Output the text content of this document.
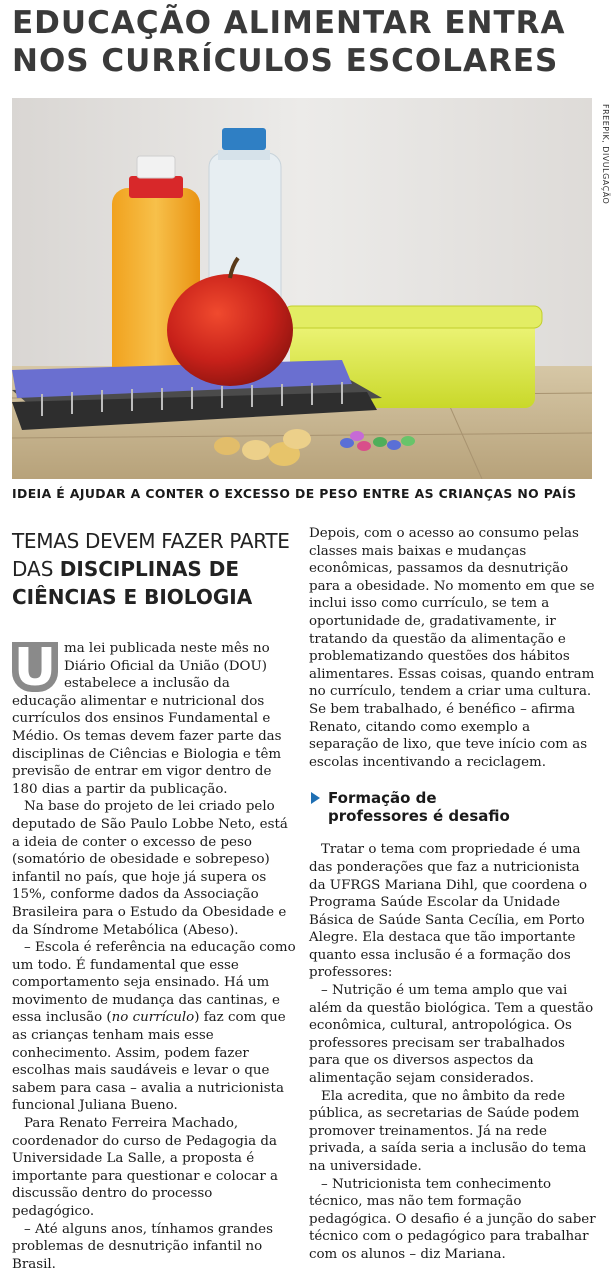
EDUCAÇÃO ALIMENTAR ENTRA NOS CURRÍCULOS ESCOLARES
FREEPIK, DIVULGAÇÃO
IDEIA É AJUDAR A CONTER O EXCESSO DE PESO ENTRE AS CRIANÇAS NO PAÍS
TEMAS DEVEM FAZER PARTE
DAS DISCIPLINAS DE
CIÊNCIAS E BIOLOGIA

U ma lei publicada neste mês no Diário Oficial da União (DOU) estabelece a inclusão da educação alimentar e nutricional dos currículos dos ensinos Fundamental e Médio. Os temas devem fazer parte das disciplinas de Ciências e Biologia e têm previsão de entrar em vigor dentro de 180 dias a partir da publicação.

Na base do projeto de lei criado pelo deputado de São Paulo Lobbe Neto, está a ideia de conter o excesso de peso (somatório de obesidade e sobrepeso) infantil no país, que hoje já supera os 15%, conforme dados da Associação Brasileira para o Estudo da Obesidade e da Síndrome Metabólica (Abeso).

– Escola é referência na educação como um todo. É fundamental que esse comportamento seja ensinado. Há um movimento de mudança das cantinas, e essa inclusão (no currículo) faz com que as crianças tenham mais esse conhecimento. Assim, podem fazer escolhas mais saudáveis e levar o que sabem para casa – avalia a nutricionista funcional Juliana Bueno.

Para Renato Ferreira Machado, coordenador do curso de Pedagogia da Universidade La Salle, a proposta é importante para questionar e colocar a discussão dentro do processo pedagógico.

– Até alguns anos, tínhamos grandes problemas de desnutrição infantil no Brasil.

Depois, com o acesso ao consumo pelas classes mais baixas e mudanças econômicas, passamos da desnutrição para a obesidade. No momento em que se inclui isso como currículo, se tem a oportunidade de, gradativamente, ir tratando da questão da alimentação e problematizando questões dos hábitos alimentares. Essas coisas, quando entram no currículo, tendem a criar uma cultura. Se bem trabalhado, é benéfico – afirma Renato, citando como exemplo a separação de lixo, que teve início com as escolas incentivando a reciclagem.

Formação de professores é desafio

Tratar o tema com propriedade é uma das ponderações que faz a nutricionista da UFRGS Mariana Dihl, que coordena o Programa Saúde Escolar da Unidade Básica de Saúde Santa Cecília, em Porto Alegre. Ela destaca que tão importante quanto essa inclusão é a formação dos professores:

– Nutrição é um tema amplo que vai além da questão biológica. Tem a questão econômica, cultural, antropológica. Os professores precisam ser trabalhados para que os diversos aspectos da alimentação sejam considerados.

Ela acredita, que no âmbito da rede pública, as secretarias de Saúde podem promover treinamentos. Já na rede privada, a saída seria a inclusão do tema na universidade.

– Nutricionista tem conhecimento técnico, mas não tem formação pedagógica. O desafio é a junção do saber técnico com o pedagógico para trabalhar com os alunos – diz Mariana.
